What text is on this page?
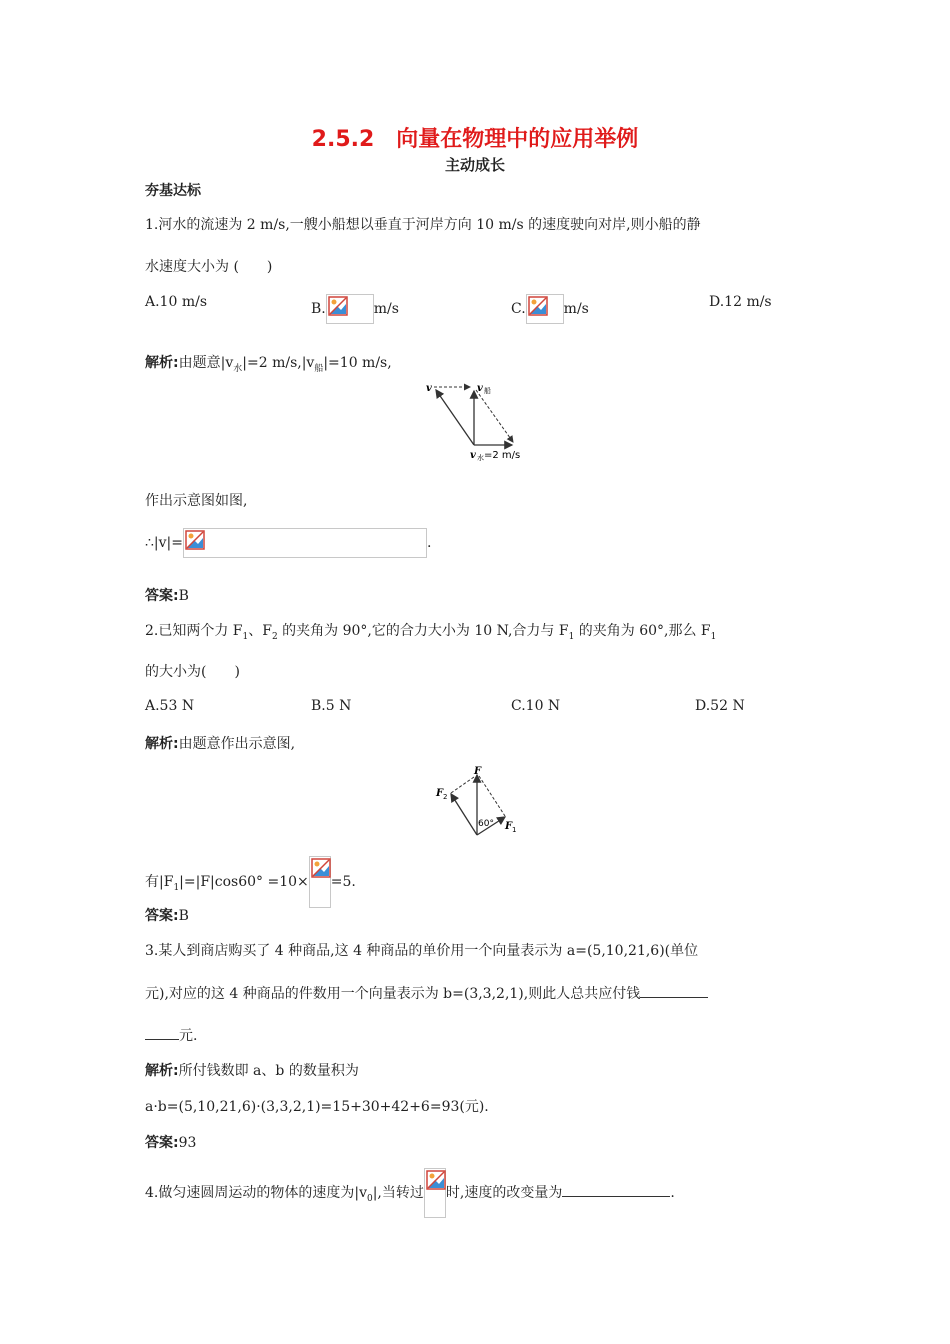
2.5.2　向量在物理中的应用举例
主动成长
夯基达标
1.河水的流速为 2 m/s,一艘小船想以垂直于河岸方向 10 m/s 的速度驶向对岸,则小船的静
水速度大小为 (　　)
A.10 m/s	B.	m/s	C.	m/s	D.12 m/s
解析:由题意$|v_水|=2$ $m/s,|v_船|=10$ m/s,
v	v 船
v 水 =2 m/s
作出示意图如图,
∴|v|=	.
答案:B
2.已知两个力 $F_1$、$F_2$ 的夹角为 90°,它的合力大小为 10 N,合力与 $F_1$ 的夹角为 60°,那么 $F_1$
的大小为(　　)
A.53 N	B.5 N	C.10 N	D.52 N
解析:由题意作出示意图,
F
F 2
F 1
60°
有$|F_1|=|F|\cos 60^\circ =10\times =5$.
答案:B
3.某人到商店购买了 4 种商品,这 4 种商品的单价用一个向量表示为 a=(5,10,21,6)(单位
元),对应的这 4 种商品的件数用一个向量表示为 b=(3,3,2,1),则此人总共应付钱
元.
解析:所付钱数即 a、b 的数量积为
a·b=(5,10,21,6)·(3,3,2,1)=15+30+42+6=93(元).
答案:93
4.做匀速圆周运动的物体的速度为$|v_0|$,当转过 时,速度的改变量为	.
